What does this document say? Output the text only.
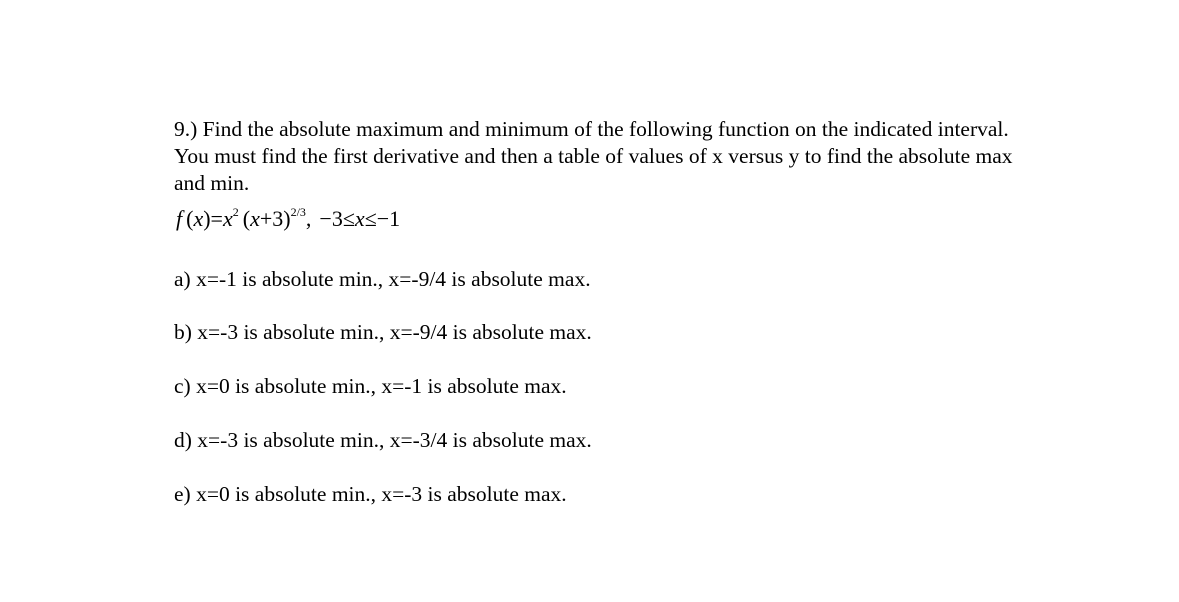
9.) Find the absolute maximum and minimum of the following function on the indicated interval. You must find the first derivative and then a table of values of x versus y to find the absolute max and min.

f $(x)=x^2$ $(x+3)^{2/3}$, −3≤x≤−1

a) x=-1 is absolute min., x=-9/4 is absolute max.

b) x=-3 is absolute min., x=-9/4 is absolute max.

c) x=0 is absolute min., x=-1 is absolute max.

d) x=-3 is absolute min., x=-3/4 is absolute max.

e) x=0 is absolute min., x=-3 is absolute max.
